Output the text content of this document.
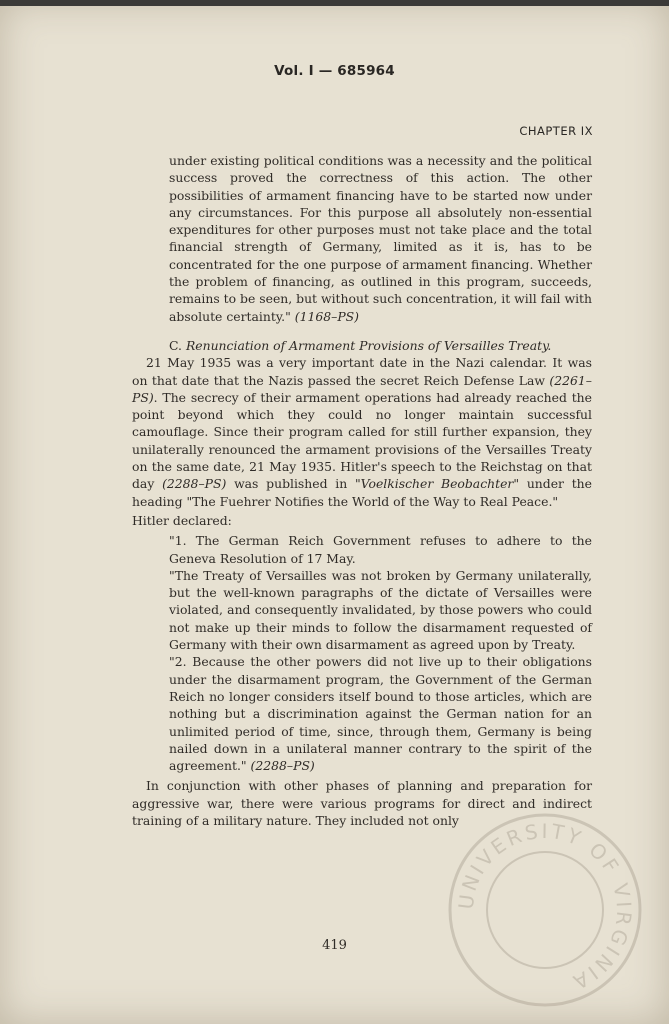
Vol. I — 685964
CHAPTER IX

under existing political conditions was a necessity and the political success proved the correctness of this action. The other possibilities of armament financing have to be started now under any circumstances. For this purpose all absolutely non-essential expenditures for other purposes must not take place and the total financial strength of Germany, limited as it is, has to be concentrated for the one purpose of armament financing. Whether the problem of financing, as outlined in this program, succeeds, remains to be seen, but without such concentration, it will fail with absolute certainty." (1168–PS)

C. Renunciation of Armament Provisions of Versailles Treaty.

21 May 1935 was a very important date in the Nazi calendar. It was on that date that the Nazis passed the secret Reich Defense Law (2261–PS). The secrecy of their armament operations had already reached the point beyond which they could no longer maintain successful camouflage. Since their program called for still further expansion, they unilaterally renounced the armament provisions of the Versailles Treaty on the same date, 21 May 1935. Hitler's speech to the Reichstag on that day (2288–PS) was published in "Voelkischer Beobachter" under the heading "The Fuehrer Notifies the World of the Way to Real Peace."

Hitler declared:

"1. The German Reich Government refuses to adhere to the Geneva Resolution of 17 May.

"The Treaty of Versailles was not broken by Germany unilaterally, but the well-known paragraphs of the dictate of Versailles were violated, and consequently invalidated, by those powers who could not make up their minds to follow the disarmament requested of Germany with their own disarmament as agreed upon by Treaty.

"2. Because the other powers did not live up to their obligations under the disarmament program, the Government of the German Reich no longer considers itself bound to those articles, which are nothing but a discrimination against the German nation for an unlimited period of time, since, through them, Germany is being nailed down in a unilateral manner contrary to the spirit of the agreement." (2288–PS)

In conjunction with other phases of planning and preparation for aggressive war, there were various programs for direct and indirect training of a military nature. They included not only

419
UNIVERSITY OF VIRGINIA
